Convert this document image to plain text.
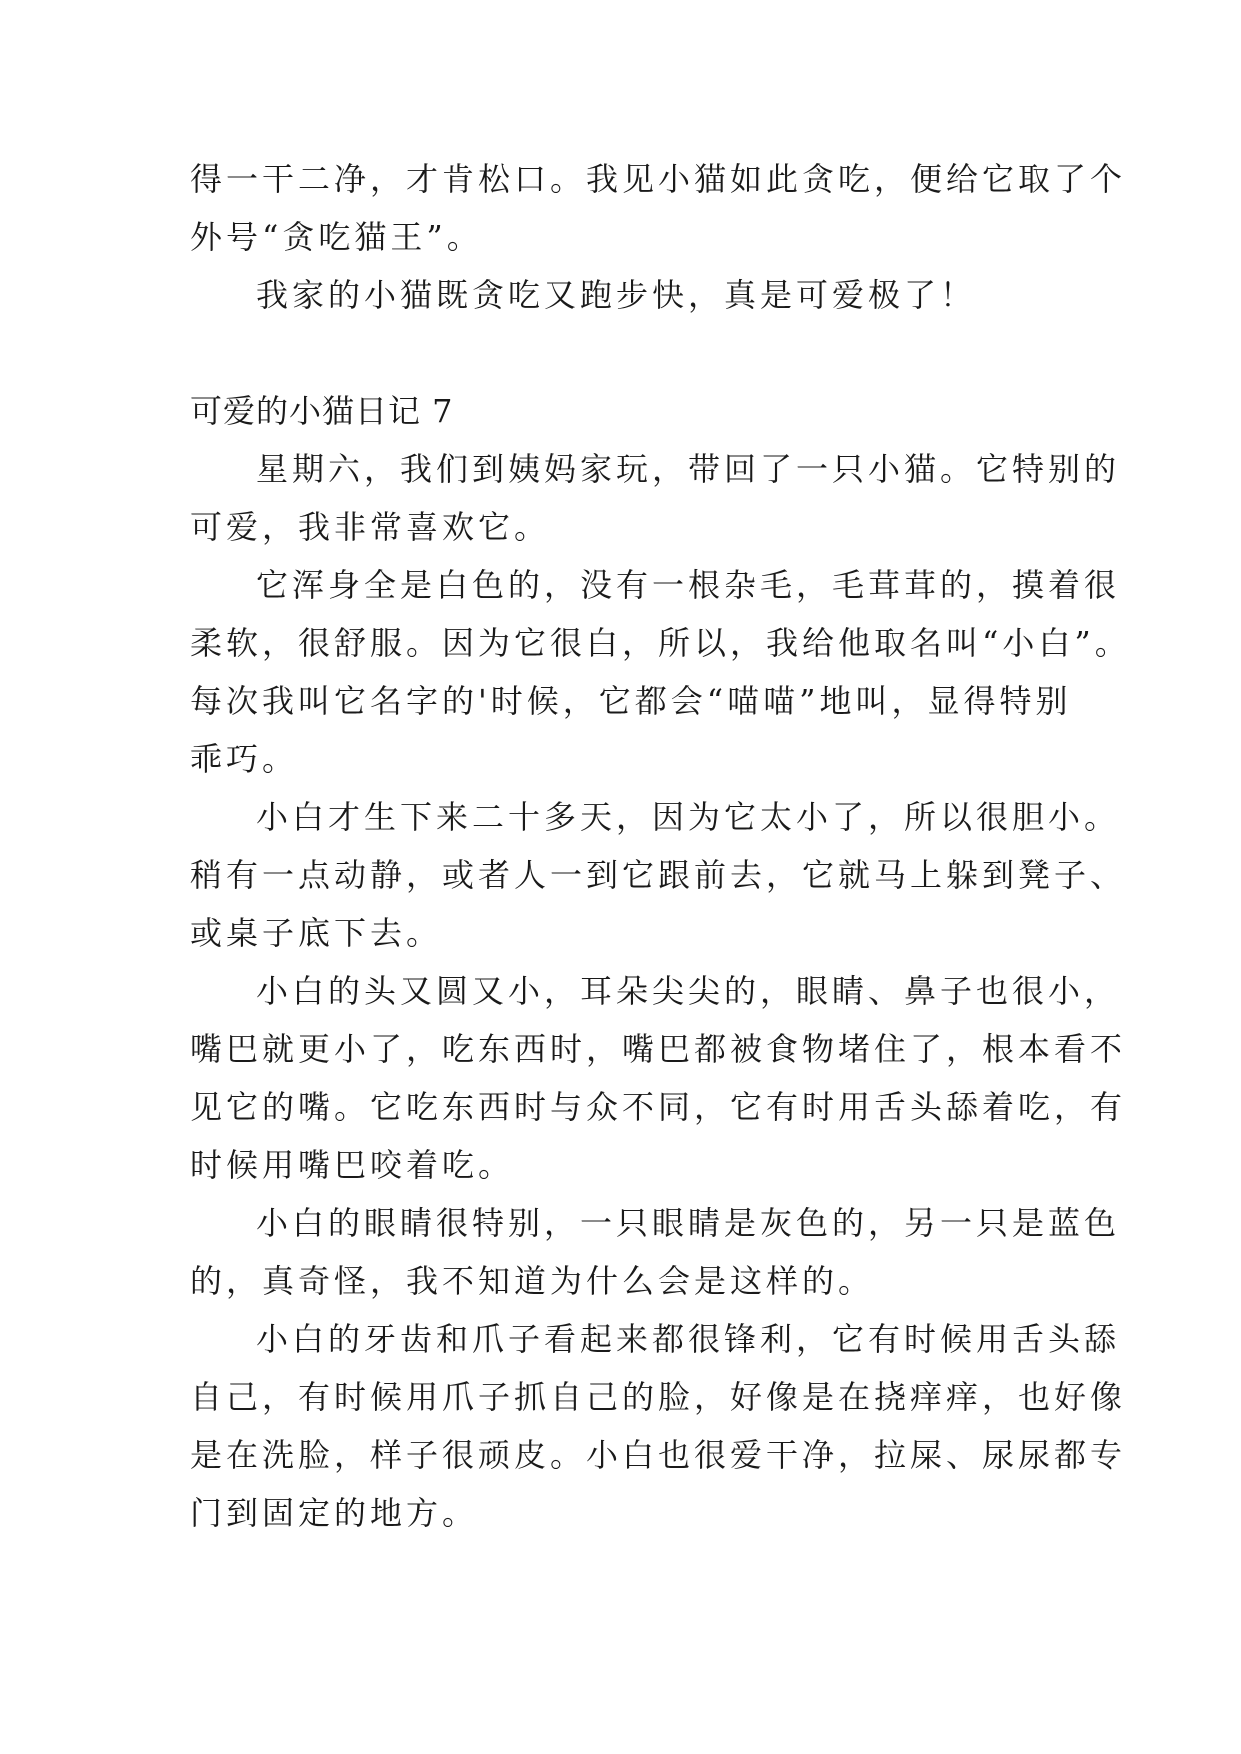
得一干二净，才肯松口。我见小猫如此贪吃，便给它取了个
外号“贪吃猫王”。
我家的小猫既贪吃又跑步快，真是可爱极了！
可爱的小猫日记 7
星期六，我们到姨妈家玩，带回了一只小猫。它特别的
可爱，我非常喜欢它。
它浑身全是白色的，没有一根杂毛，毛茸茸的，摸着很
柔软，很舒服。因为它很白，所以，我给他取名叫“小白”。
每次我叫它名字的'时候，它都会“喵喵”地叫，显得特别
乖巧。
小白才生下来二十多天，因为它太小了，所以很胆小。
稍有一点动静，或者人一到它跟前去，它就马上躲到凳子、
或桌子底下去。
小白的头又圆又小，耳朵尖尖的，眼睛、鼻子也很小，
嘴巴就更小了，吃东西时，嘴巴都被食物堵住了，根本看不
见它的嘴。它吃东西时与众不同，它有时用舌头舔着吃，有
时候用嘴巴咬着吃。
小白的眼睛很特别，一只眼睛是灰色的，另一只是蓝色
的，真奇怪，我不知道为什么会是这样的。
小白的牙齿和爪子看起来都很锋利，它有时候用舌头舔
自己，有时候用爪子抓自己的脸，好像是在挠痒痒，也好像
是在洗脸，样子很顽皮。小白也很爱干净，拉屎、尿尿都专
门到固定的地方。
